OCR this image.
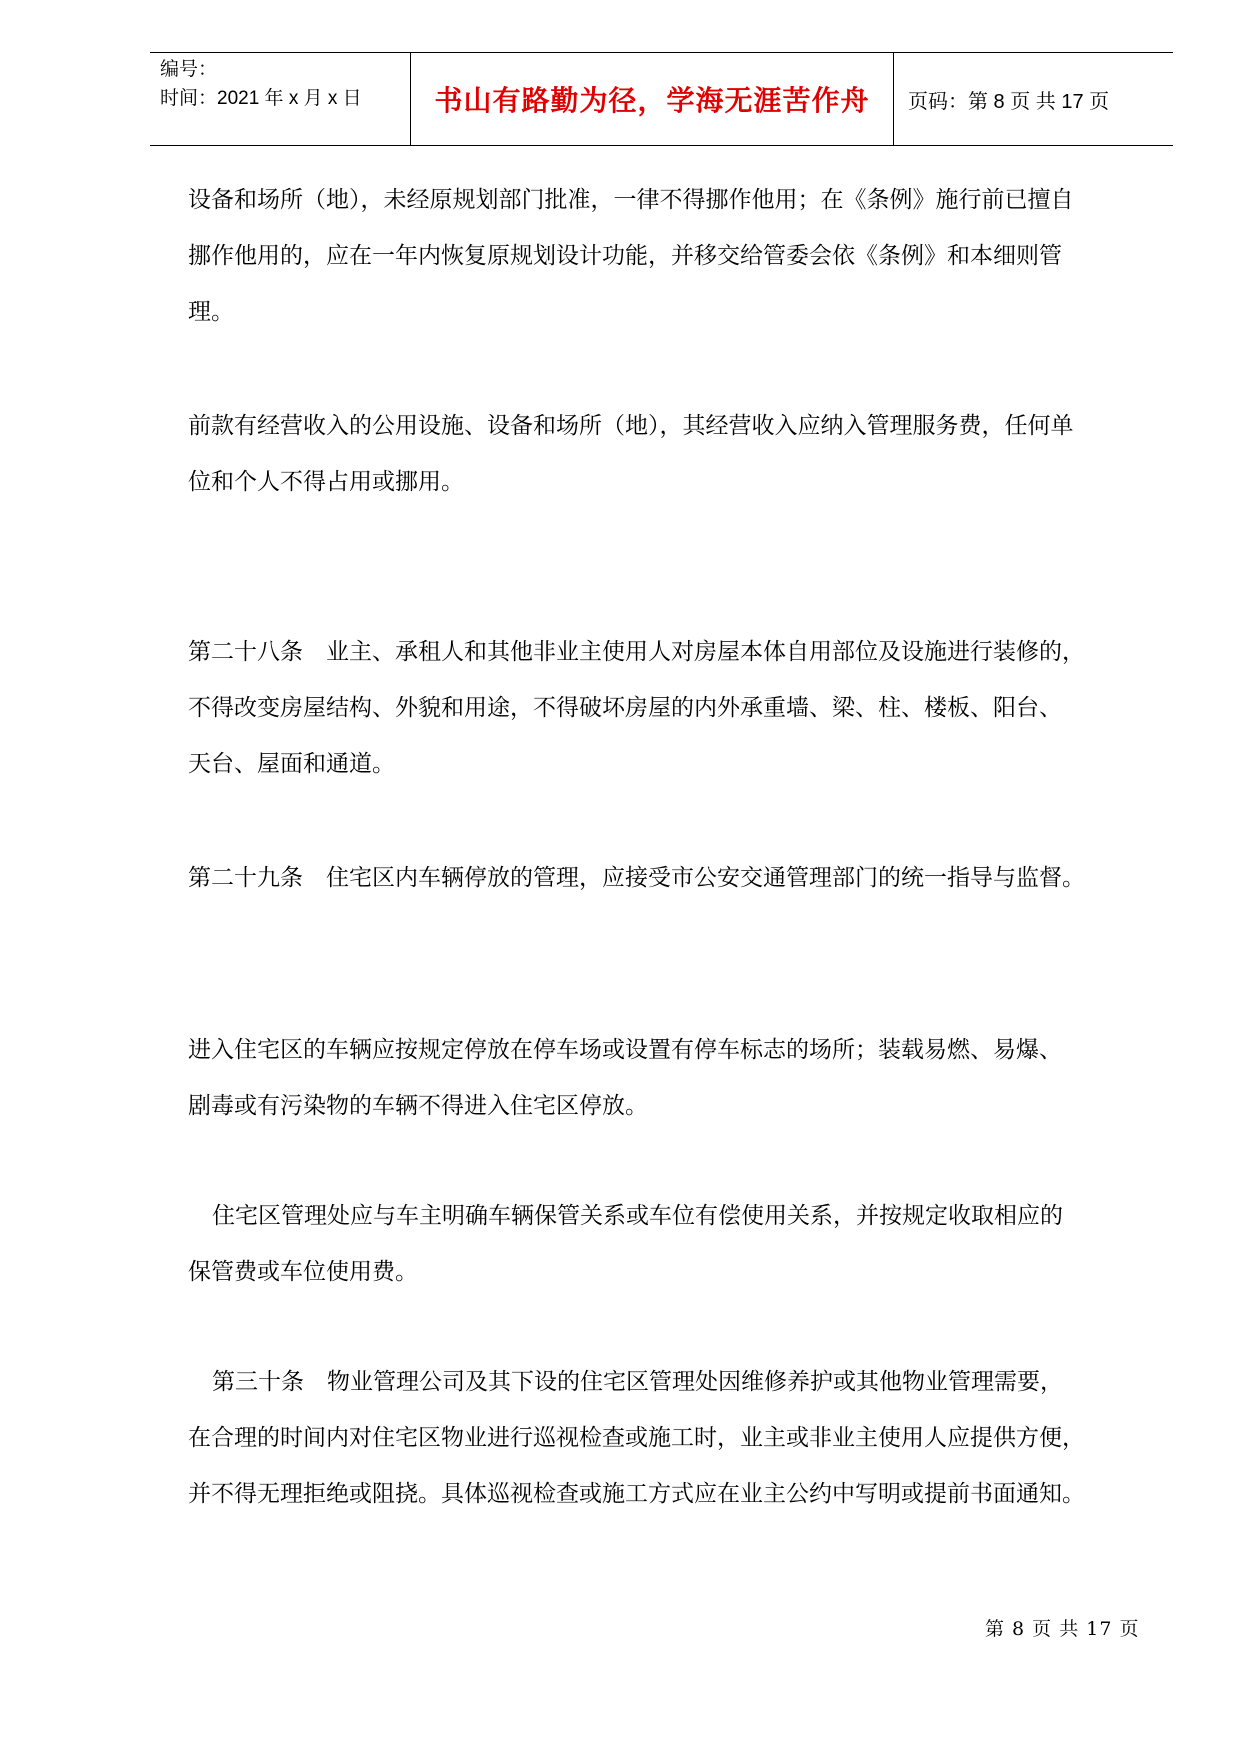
编号：
时间：2021 年 x 月 x 日	书山有路勤为径，学海无涯苦作舟	页码：第 8 页 共 17 页
设备和场所（地），未经原规划部门批准，一律不得挪作他用；在《条例》施行前已擅自
挪作他用的，应在一年内恢复原规划设计功能，并移交给管委会依《条例》和本细则管
理。
前款有经营收入的公用设施、设备和场所（地），其经营收入应纳入管理服务费，任何单
位和个人不得占用或挪用。
第二十八条　业主、承租人和其他非业主使用人对房屋本体自用部位及设施进行装修的，
不得改变房屋结构、外貌和用途，不得破坏房屋的内外承重墙、梁、柱、楼板、阳台、
天台、屋面和通道。
第二十九条　住宅区内车辆停放的管理，应接受市公安交通管理部门的统一指导与监督。
进入住宅区的车辆应按规定停放在停车场或设置有停车标志的场所；装载易燃、易爆、
剧毒或有污染物的车辆不得进入住宅区停放。
住宅区管理处应与车主明确车辆保管关系或车位有偿使用关系，并按规定收取相应的
保管费或车位使用费。
第三十条　物业管理公司及其下设的住宅区管理处因维修养护或其他物业管理需要，
在合理的时间内对住宅区物业进行巡视检查或施工时，业主或非业主使用人应提供方便，
并不得无理拒绝或阻挠。具体巡视检查或施工方式应在业主公约中写明或提前书面通知。
第 8 页 共 17 页
